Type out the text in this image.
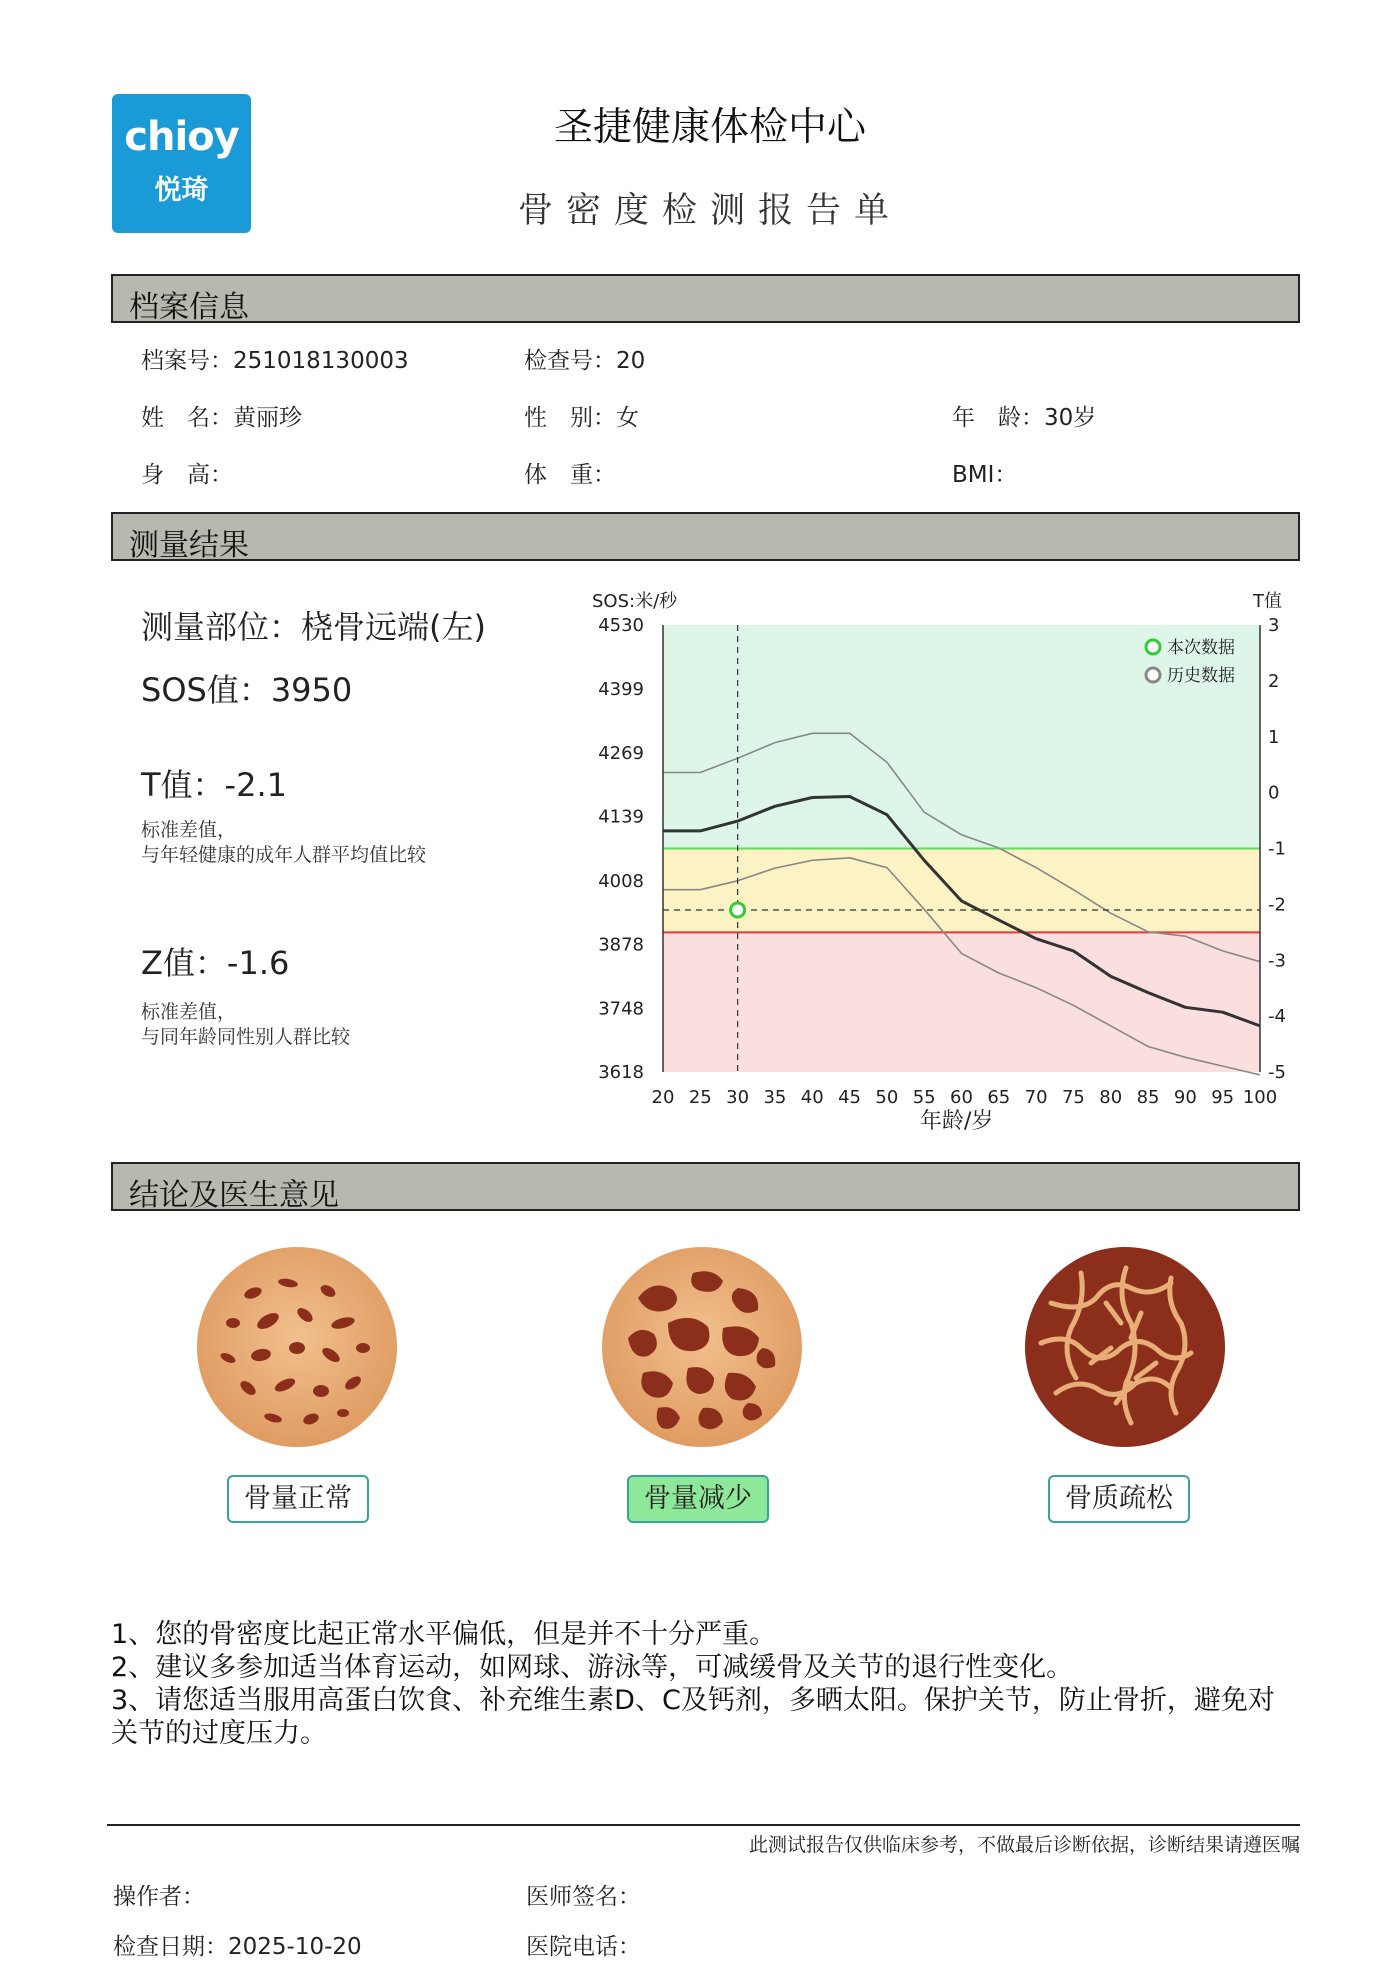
chioy
悦琦
圣捷健康体检中心
骨密度检测报告单
档案信息
档案号：251018130003	检查号：20
姓　名：黄丽珍	性　别：女	年　龄：30岁
身　高：	体　重：	BMI：
测量结果
测量部位：桡骨远端(左)
SOS值：3950
T值：-2.1
标准差值，
与年轻健康的成年人群平均值比较
Z值：-1.6
标准差值，
与同年龄同性别人群比较
SOS:米/秒	T值
20 25 30 35 40 45 50 55 60 65 70 75 80 85 90 95 100
4530
4399
4269
4139
4008
3878
3748
3618
3
2
1
0
-1
-2
-3
-4
-5
本次数据
历史数据
年龄/岁
结论及医生意见
骨量正常	骨量减少	骨质疏松
1、您的骨密度比起正常水平偏低，但是并不十分严重。
2、建议多参加适当体育运动，如网球、游泳等，可减缓骨及关节的退行性变化。
3、请您适当服用高蛋白饮食、补充维生素D、C及钙剂，多晒太阳。保护关节，防止骨折，避免对关节的过度压力。
此测试报告仅供临床参考，不做最后诊断依据，诊断结果请遵医嘱
操作者：	医师签名：
检查日期：2025-10-20	医院电话：
